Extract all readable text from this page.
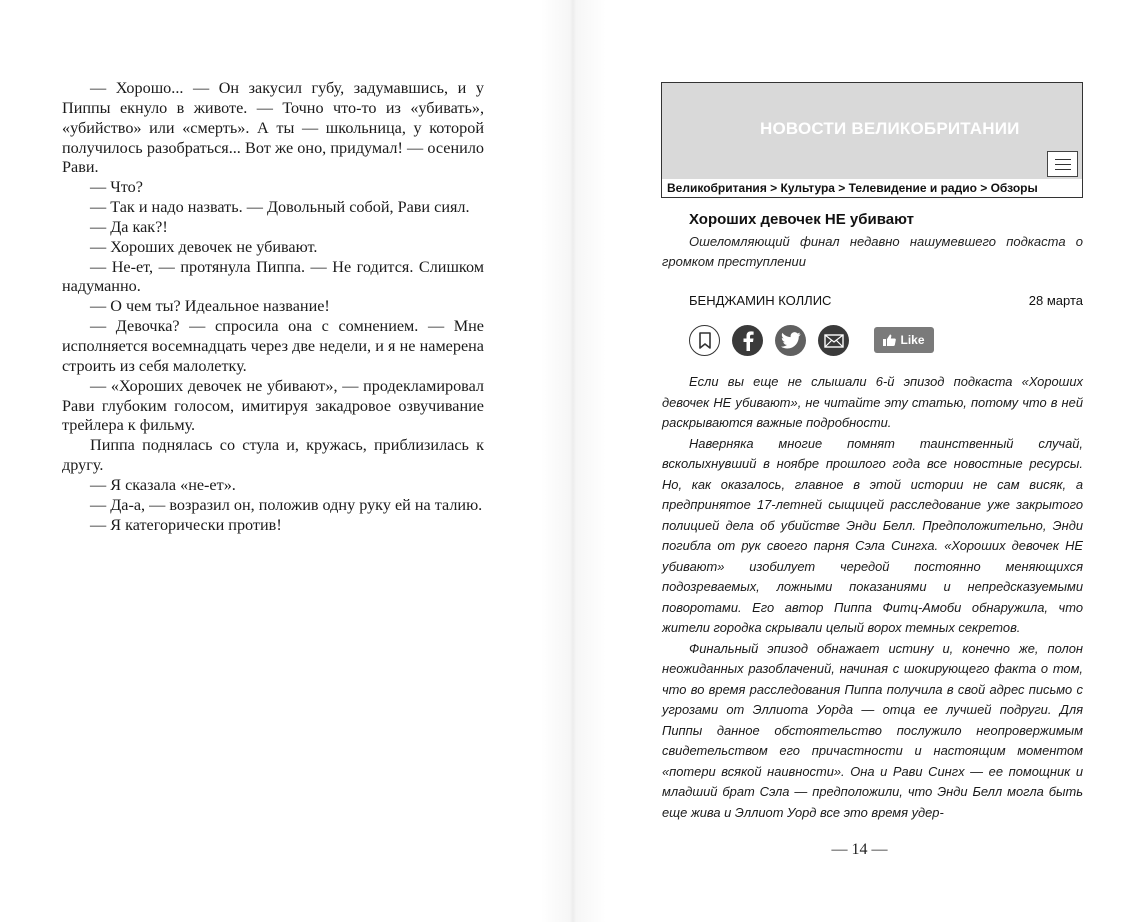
— Хорошо... — Он закусил губу, задумавшись, и у Пиппы екнуло в животе. — Точно что-то из «убивать», «убийство» или «смерть». А ты — школьница, у которой получилось разобраться... Вот же оно, придумал! — осенило Рави.

— Что?

— Так и надо назвать. — Довольный собой, Рави сиял.

— Да как?!

— Хороших девочек не убивают.

— Не-ет, — протянула Пиппа. — Не годится. Слишком надуманно.

— О чем ты? Идеальное название!

— Девочка? — спросила она с сомнением. — Мне исполняется восемнадцать через две недели, и я не намерена строить из себя малолетку.

— «Хороших девочек не убивают», — продекламировал Рави глубоким голосом, имитируя закадровое озвучивание трейлера к фильму.

Пиппа поднялась со стула и, кружась, приблизилась к другу.

— Я сказала «не-ет».

— Да-а, — возразил он, положив одну руку ей на талию.

— Я категорически против!

— 14 —
НОВОСТИ ВЕЛИКОБРИТАНИИ
Великобритания > Культура > Телевидение и радио > Обзоры
Хороших девочек НЕ убивают

Ошеломляющий финал недавно нашумевшего подкаста о громком преступлении

БЕНДЖАМИН КОЛЛИС	28 марта
Like

Если вы еще не слышали 6-й эпизод подкаста «Хороших девочек НЕ убивают», не читайте эту статью, потому что в ней раскрываются важные подробности.

Наверняка многие помнят таинственный случай, всколыхнувший в ноябре прошлого года все новостные ресурсы. Но, как оказалось, главное в этой истории не сам висяк, а предпринятое 17-летней сыщицей расследование уже закрытого полицией дела об убийстве Энди Белл. Предположительно, Энди погибла от рук своего парня Сэла Сингха. «Хороших девочек НЕ убивают» изобилует чередой постоянно меняющихся подозреваемых, ложными показаниями и непредсказуемыми поворотами. Его автор Пиппа Фитц-Амоби обнаружила, что жители городка скрывали целый ворох темных секретов.

Финальный эпизод обнажает истину и, конечно же, полон неожиданных разоблачений, начиная с шокирующего факта о том, что во время расследования Пиппа получила в свой адрес письмо с угрозами от Эллиота Уорда — отца ее лучшей подруги. Для Пиппы данное обстоятельство послужило неопровержимым свидетельством его причастности и настоящим моментом «потери всякой наивности». Она и Рави Сингх — ее помощник и младший брат Сэла — предположили, что Энди Белл могла быть еще жива и Эллиот Уорд все это время удер-
